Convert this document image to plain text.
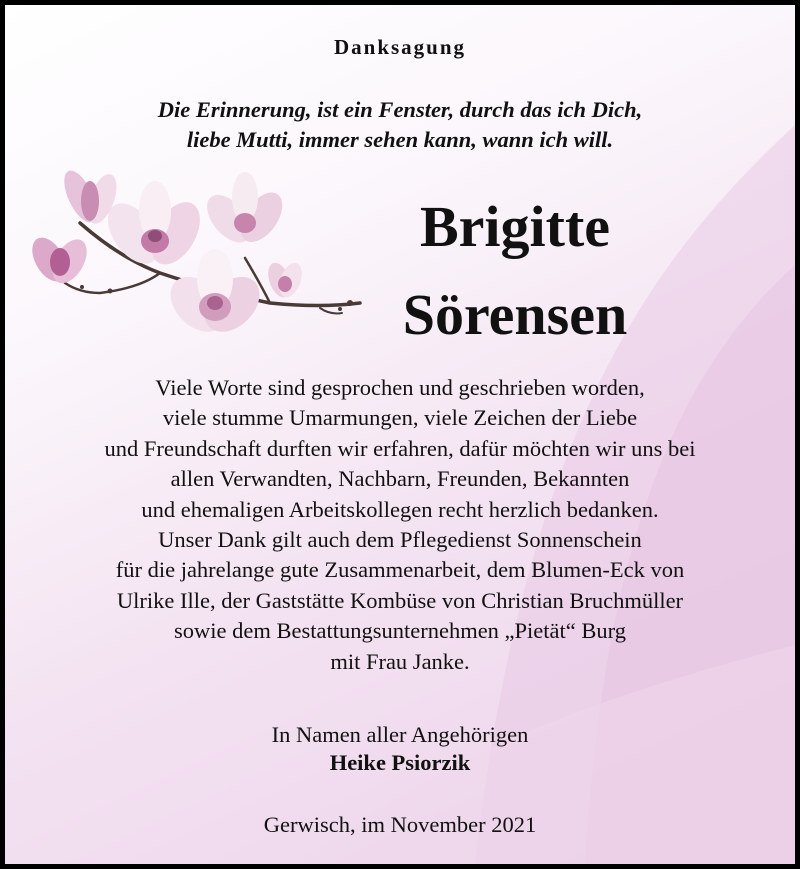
Danksagung
Die Erinnerung, ist ein Fenster, durch das ich Dich,
liebe Mutti, immer sehen kann, wann ich will.
Brigitte
Sörensen
Viele Worte sind gesprochen und geschrieben worden,
viele stumme Umarmungen, viele Zeichen der Liebe
und Freundschaft durften wir erfahren, dafür möchten wir uns bei
allen Verwandten, Nachbarn, Freunden, Bekannten
und ehemaligen Arbeitskollegen recht herzlich bedanken.
Unser Dank gilt auch dem Pflegedienst Sonnenschein
für die jahrelange gute Zusammenarbeit, dem Blumen-Eck von
Ulrike Ille, der Gaststätte Kombüse von Christian Bruchmüller
sowie dem Bestattungsunternehmen „Pietät“ Burg
mit Frau Janke.
In Namen aller Angehörigen
Heike Psiorzik
Gerwisch, im November 2021
